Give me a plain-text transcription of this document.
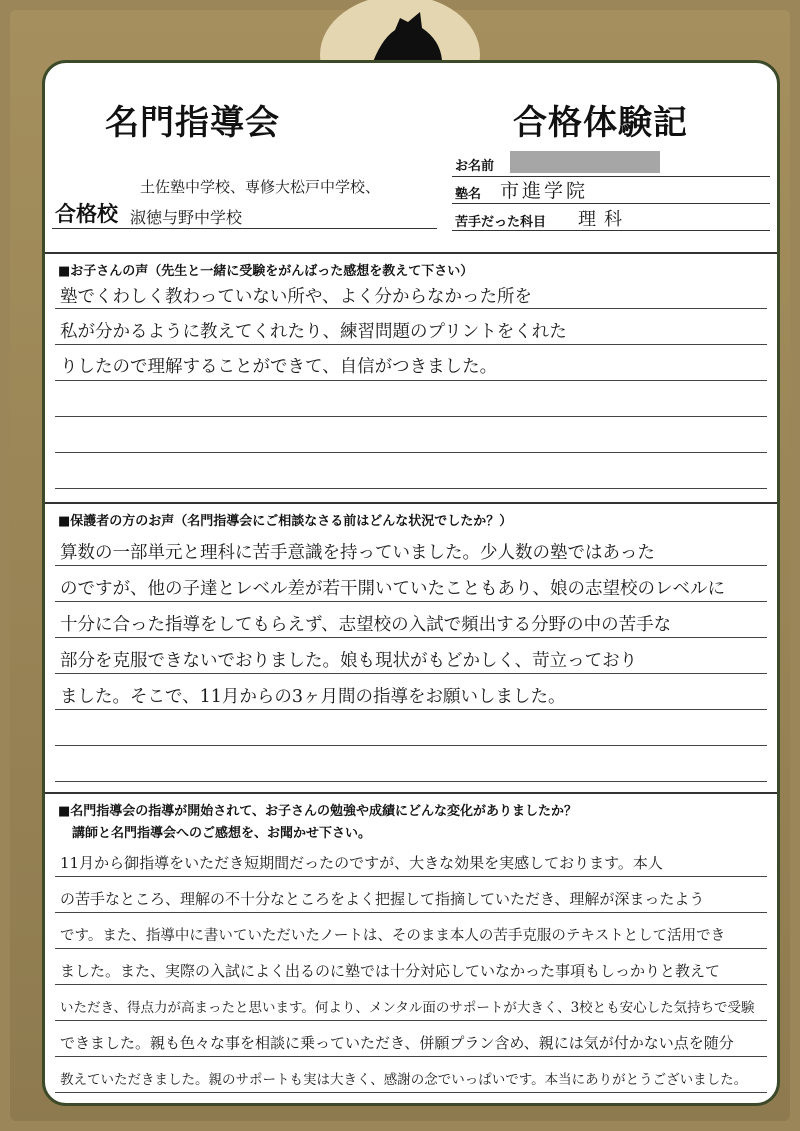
名門指導会	合格体験記
お名前
塾名 市進学院
苦手だった科目 理科
合格校
土佐塾中学校、専修大松戸中学校、
淑徳与野中学校
■お子さんの声（先生と一緒に受験をがんばった感想を教えて下さい）
塾でくわしく教わっていない所や、よく分からなかった所を
私が分かるように教えてくれたり、練習問題のプリントをくれた
りしたので理解することができて、自信がつきました。
■保護者の方のお声（名門指導会にご相談なさる前はどんな状況でしたか？）
算数の一部単元と理科に苦手意識を持っていました。少人数の塾ではあった
のですが、他の子達とレベル差が若干開いていたこともあり、娘の志望校のレベルに
十分に合った指導をしてもらえず、志望校の入試で頻出する分野の中の苦手な
部分を克服できないでおりました。娘も現状がもどかしく、苛立っており
ました。そこで、11月からの3ヶ月間の指導をお願いしました。
■名門指導会の指導が開始されて、お子さんの勉強や成績にどんな変化がありましたか？
講師と名門指導会へのご感想を、お聞かせ下さい。
11月から御指導をいただき短期間だったのですが、大きな効果を実感しております。本人
の苦手なところ、理解の不十分なところをよく把握して指摘していただき、理解が深まったよう
です。また、指導中に書いていただいたノートは、そのまま本人の苦手克服のテキストとして活用でき
ました。また、実際の入試によく出るのに塾では十分対応していなかった事項もしっかりと教えて
いただき、得点力が高まったと思います。何より、メンタル面のサポートが大きく、3校とも安心した気持ちで受験
できました。親も色々な事を相談に乗っていただき、併願プラン含め、親には気が付かない点を随分
教えていただきました。親のサポートも実は大きく、感謝の念でいっぱいです。本当にありがとうございました。
